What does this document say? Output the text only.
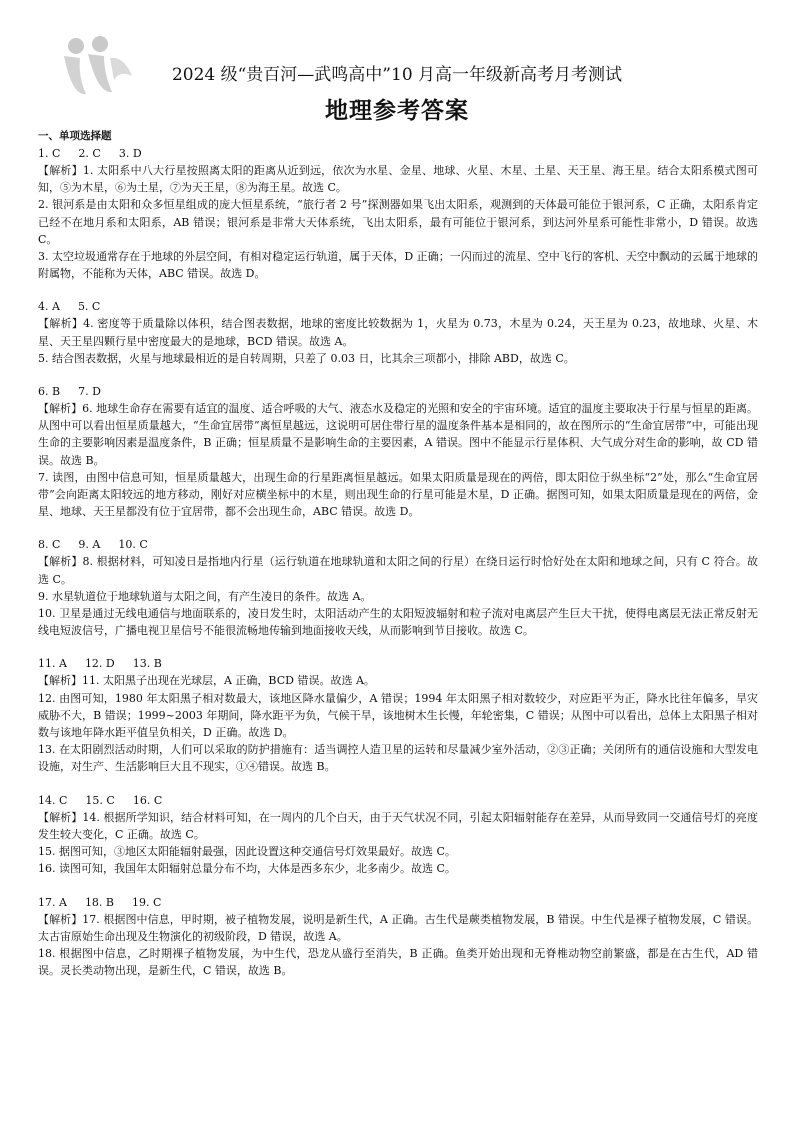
2024 级“贵百河—武鸣高中”10 月高一年级新高考月考测试
地理参考答案
一、单项选择题

1. C 2. C 3. D

【解析】1. 太阳系中八大行星按照离太阳的距离从近到远，依次为水星、金星、地球、火星、木星、土星、天王星、海王星。结合太阳系模式图可知，⑤为木星，⑥为土星，⑦为天王星，⑧为海王星。故选 C。

2. 银河系是由太阳和众多恒星组成的庞大恒星系统，“旅行者 2 号”探测器如果飞出太阳系，观测到的天体最可能位于银河系，C 正确，太阳系肯定已经不在地月系和太阳系，AB 错误；银河系是非常大天体系统，飞出太阳系，最有可能位于银河系，到达河外星系可能性非常小，D 错误。故选 C。

3. 太空垃圾通常存在于地球的外层空间，有相对稳定运行轨道，属于天体，D 正确；一闪而过的流星、空中飞行的客机、天空中飘动的云属于地球的附属物，不能称为天体，ABC 错误。故选 D。

4. A 5. C

【解析】4. 密度等于质量除以体积，结合图表数据，地球的密度比较数据为 1，火星为 0.73，木星为 0.24，天王星为 0.23，故地球、火星、木星、天王星四颗行星中密度最大的是地球，BCD 错误。故选 A。

5. 结合图表数据，火星与地球最相近的是自转周期，只差了 0.03 日，比其余三项都小，排除 ABD，故选 C。

6. B 7. D

【解析】6. 地球生命存在需要有适宜的温度、适合呼吸的大气、液态水及稳定的光照和安全的宇宙环境。适宜的温度主要取决于行星与恒星的距离。从图中可以看出恒星质量越大，“生命宜居带”离恒星越远，这说明可居住带行星的温度条件基本是相同的，故在图所示的“生命宜居带”中，可能出现生命的主要影响因素是温度条件，B 正确；恒星质量不是影响生命的主要因素，A 错误。图中不能显示行星体积、大气成分对生命的影响，故 CD 错误。故选 B。

7. 读图，由图中信息可知，恒星质量越大，出现生命的行星距离恒星越远。如果太阳质量是现在的两倍，即太阳位于纵坐标“2”处，那么“生命宜居带”会向距离太阳较远的地方移动，刚好对应横坐标中的木星，则出现生命的行星可能是木星，D 正确。据图可知，如果太阳质量是现在的两倍，金星、地球、天王星都没有位于宜居带，都不会出现生命，ABC 错误。故选 D。

8. C 9. A 10. C

【解析】8. 根据材料，可知凌日是指地内行星（运行轨道在地球轨道和太阳之间的行星）在绕日运行时恰好处在太阳和地球之间，只有 C 符合。故选 C。

9. 水星轨道位于地球轨道与太阳之间，有产生凌日的条件。故选 A。

10. 卫星是通过无线电通信与地面联系的，凌日发生时，太阳活动产生的太阳短波辐射和粒子流对电离层产生巨大干扰，使得电离层无法正常反射无线电短波信号，广播电视卫星信号不能很流畅地传输到地面接收天线，从而影响到节目接收。故选 C。

11. A 12. D 13. B

【解析】11. 太阳黑子出现在光球层，A 正确，BCD 错误。故选 A。

12. 由图可知，1980 年太阳黑子相对数最大，该地区降水量偏少，A 错误；1994 年太阳黑子相对数较少，对应距平为正，降水比往年偏多，旱灾威胁不大，B 错误；1999~2003 年期间，降水距平为负，气候干旱，该地树木生长慢，年轮密集，C 错误；从图中可以看出，总体上太阳黑子相对数与该地年降水距平值呈负相关，D 正确。故选 D。

13. 在太阳剧烈活动时期，人们可以采取的防护措施有：适当调控人造卫星的运转和尽量减少室外活动，②③正确；关闭所有的通信设施和大型发电设施，对生产、生活影响巨大且不现实，①④错误。故选 B。

14. C 15. C 16. C

【解析】14. 根据所学知识，结合材料可知，在一周内的几个白天，由于天气状况不同，引起太阳辐射能存在差异，从而导致同一交通信号灯的亮度发生较大变化，C 正确。故选 C。

15. 据图可知，③地区太阳能辐射最强，因此设置这种交通信号灯效果最好。故选 C。

16. 读图可知，我国年太阳辐射总量分布不均，大体是西多东少，北多南少。故选 C。

17. A 18. B 19. C

【解析】17. 根据图中信息，甲时期，被子植物发展，说明是新生代，A 正确。古生代是蕨类植物发展，B 错误。中生代是裸子植物发展，C 错误。太古宙原始生命出现及生物演化的初级阶段，D 错误，故选 A。

18. 根据图中信息，乙时期裸子植物发展，为中生代，恐龙从盛行至消失，B 正确。鱼类开始出现和无脊椎动物空前繁盛，都是在古生代，AD 错误。灵长类动物出现，是新生代，C 错误，故选 B。
